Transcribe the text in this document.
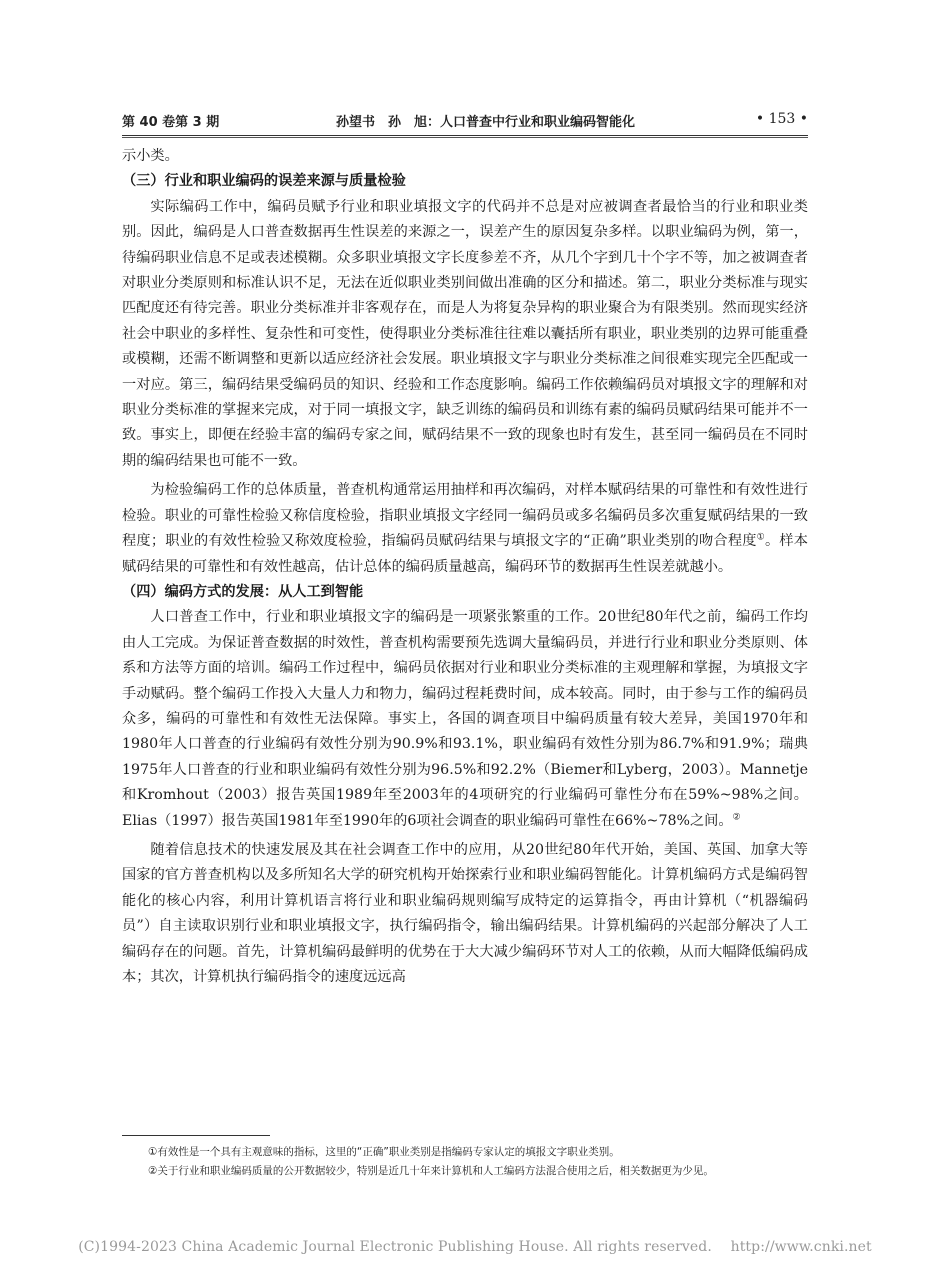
第 40 卷第 3 期	孙望书　孙　旭：人口普查中行业和职业编码智能化	• 153 •

示小类。

（三）行业和职业编码的误差来源与质量检验

实际编码工作中，编码员赋予行业和职业填报文字的代码并不总是对应被调查者最恰当的行业和职业类别。因此，编码是人口普查数据再生性误差的来源之一，误差产生的原因复杂多样。以职业编码为例，第一，待编码职业信息不足或表述模糊。众多职业填报文字长度参差不齐，从几个字到几十个字不等，加之被调查者对职业分类原则和标准认识不足，无法在近似职业类别间做出准确的区分和描述。第二，职业分类标准与现实匹配度还有待完善。职业分类标准并非客观存在，而是人为将复杂异构的职业聚合为有限类别。然而现实经济社会中职业的多样性、复杂性和可变性，使得职业分类标准往往难以囊括所有职业，职业类别的边界可能重叠或模糊，还需不断调整和更新以适应经济社会发展。职业填报文字与职业分类标准之间很难实现完全匹配或一一对应。第三，编码结果受编码员的知识、经验和工作态度影响。编码工作依赖编码员对填报文字的理解和对职业分类标准的掌握来完成，对于同一填报文字，缺乏训练的编码员和训练有素的编码员赋码结果可能并不一致。事实上，即便在经验丰富的编码专家之间，赋码结果不一致的现象也时有发生，甚至同一编码员在不同时期的编码结果也可能不一致。

为检验编码工作的总体质量，普查机构通常运用抽样和再次编码，对样本赋码结果的可靠性和有效性进行检验。职业的可靠性检验又称信度检验，指职业填报文字经同一编码员或多名编码员多次重复赋码结果的一致程度；职业的有效性检验又称效度检验，指编码员赋码结果与填报文字的“正确”职业类别的吻合程度①。样本赋码结果的可靠性和有效性越高，估计总体的编码质量越高，编码环节的数据再生性误差就越小。

（四）编码方式的发展：从人工到智能

人口普查工作中，行业和职业填报文字的编码是一项紧张繁重的工作。20世纪80年代之前，编码工作均由人工完成。为保证普查数据的时效性，普查机构需要预先选调大量编码员，并进行行业和职业分类原则、体系和方法等方面的培训。编码工作过程中，编码员依据对行业和职业分类标准的主观理解和掌握，为填报文字手动赋码。整个编码工作投入大量人力和物力，编码过程耗费时间，成本较高。同时，由于参与工作的编码员众多，编码的可靠性和有效性无法保障。事实上，各国的调查项目中编码质量有较大差异，美国1970年和1980年人口普查的行业编码有效性分别为90.9%和93.1%，职业编码有效性分别为86.7%和91.9%；瑞典1975年人口普查的行业和职业编码有效性分别为96.5%和92.2%（Biemer和Lyberg，2003）。Mannetje和Kromhout（2003）报告英国1989年至2003年的4项研究的行业编码可靠性分布在59%~98%之间。Elias（1997）报告英国1981年至1990年的6项社会调查的职业编码可靠性在66%~78%之间。②

随着信息技术的快速发展及其在社会调查工作中的应用，从20世纪80年代开始，美国、英国、加拿大等国家的官方普查机构以及多所知名大学的研究机构开始探索行业和职业编码智能化。计算机编码方式是编码智能化的核心内容，利用计算机语言将行业和职业编码规则编写成特定的运算指令，再由计算机（“机器编码员”）自主读取识别行业和职业填报文字，执行编码指令，输出编码结果。计算机编码的兴起部分解决了人工编码存在的问题。首先，计算机编码最鲜明的优势在于大大减少编码环节对人工的依赖，从而大幅降低编码成本；其次，计算机执行编码指令的速度远远高

①有效性是一个具有主观意味的指标，这里的“正确”职业类别是指编码专家认定的填报文字职业类别。
②关于行业和职业编码质量的公开数据较少，特别是近几十年来计算机和人工编码方法混合使用之后，相关数据更为少见。
(C)1994-2023 China Academic Journal Electronic Publishing House. All rights reserved.　 http://www.cnki.net
